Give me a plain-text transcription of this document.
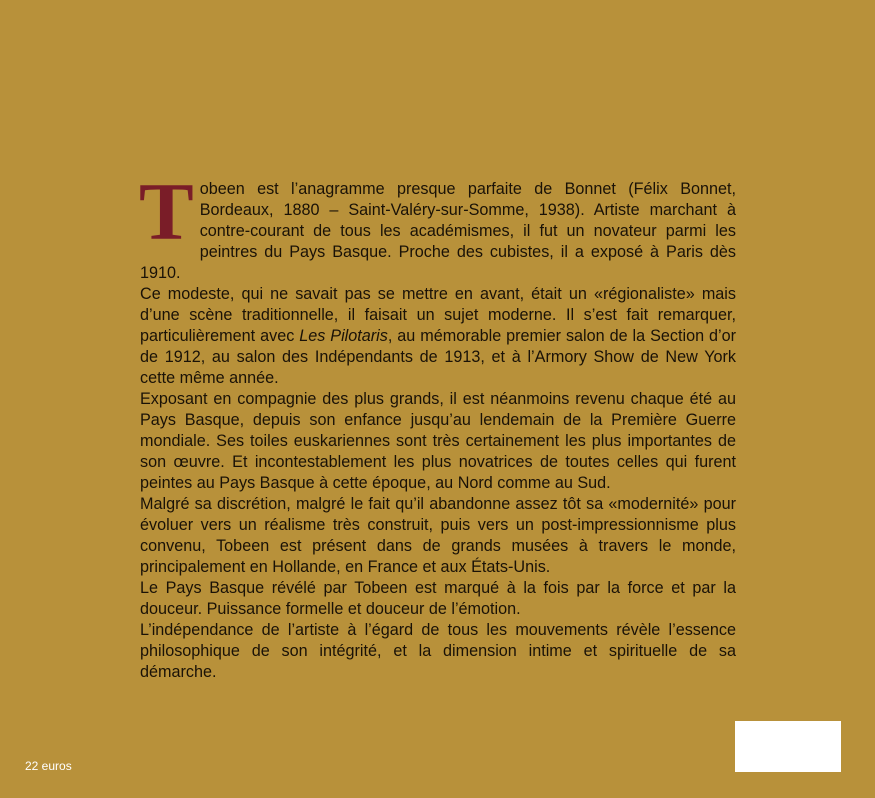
Tobeen est l’anagramme presque parfaite de Bonnet (Félix Bonnet, Bordeaux, 1880 – Saint-Valéry-sur-Somme, 1938). Artiste marchant à contre-courant de tous les académismes, il fut un novateur parmi les peintres du Pays Basque. Proche des cubistes, il a exposé à Paris dès 1910.

Ce modeste, qui ne savait pas se mettre en avant, était un «régionaliste» mais d’une scène traditionnelle, il faisait un sujet moderne. Il s’est fait remarquer, particulièrement avec Les Pilotaris, au mémorable premier salon de la Section d’or de 1912, au salon des Indépendants de 1913, et à l’Armory Show de New York cette même année.

Exposant en compagnie des plus grands, il est néanmoins revenu chaque été au Pays Basque, depuis son enfance jusqu’au lendemain de la Première Guerre mondiale. Ses toiles euskariennes sont très certainement les plus importantes de son œuvre. Et incontestablement les plus novatrices de toutes celles qui furent peintes au Pays Basque à cette époque, au Nord comme au Sud.

Malgré sa discrétion, malgré le fait qu’il abandonne assez tôt sa «modernité» pour évoluer vers un réalisme très construit, puis vers un post-impressionnisme plus convenu, Tobeen est présent dans de grands musées à travers le monde, principalement en Hollande, en France et aux États-Unis.

Le Pays Basque révélé par Tobeen est marqué à la fois par la force et par la douceur. Puissance formelle et douceur de l’émotion.

L’indépendance de l’artiste à l’égard de tous les mouvements révèle l’essence philosophique de son intégrité, et la dimension intime et spirituelle de sa démarche.

22 euros
